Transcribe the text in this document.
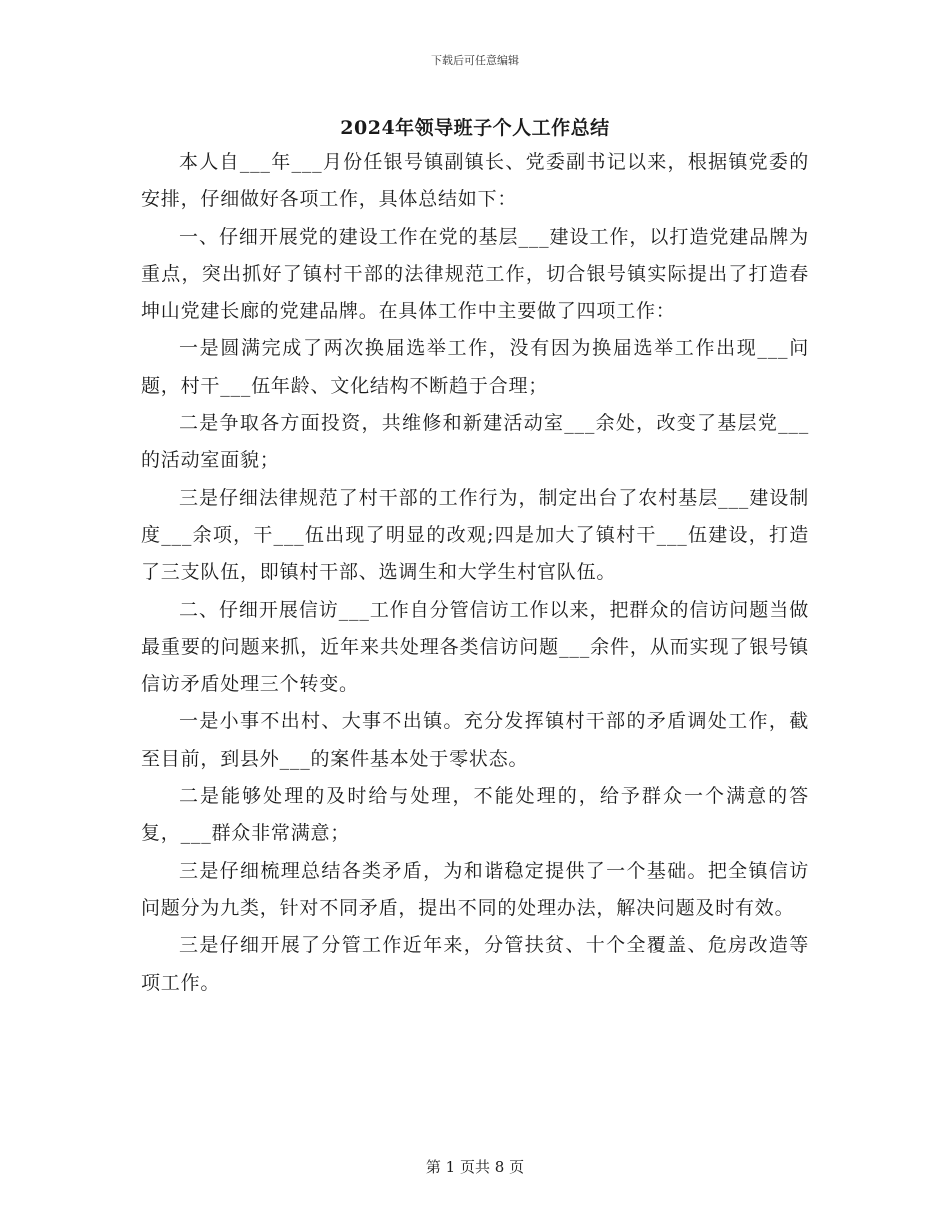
下载后可任意编辑
2024年领导班子个人工作总结

本人自___年___月份任银号镇副镇长、党委副书记以来，根据镇党委的安排，仔细做好各项工作，具体总结如下：

一、仔细开展党的建设工作在党的基层___建设工作，以打造党建品牌为重点，突出抓好了镇村干部的法律规范工作，切合银号镇实际提出了打造春坤山党建长廊的党建品牌。在具体工作中主要做了四项工作：

一是圆满完成了两次换届选举工作，没有因为换届选举工作出现___问题，村干___伍年龄、文化结构不断趋于合理；

二是争取各方面投资，共维修和新建活动室___余处，改变了基层党___的活动室面貌；

三是仔细法律规范了村干部的工作行为，制定出台了农村基层___建设制度___余项，干___伍出现了明显的改观;四是加大了镇村干___伍建设，打造了三支队伍，即镇村干部、选调生和大学生村官队伍。

二、仔细开展信访___工作自分管信访工作以来，把群众的信访问题当做最重要的问题来抓，近年来共处理各类信访问题___余件，从而实现了银号镇信访矛盾处理三个转变。

一是小事不出村、大事不出镇。充分发挥镇村干部的矛盾调处工作，截至目前，到县外___的案件基本处于零状态。

二是能够处理的及时给与处理，不能处理的，给予群众一个满意的答复，___群众非常满意；

三是仔细梳理总结各类矛盾，为和谐稳定提供了一个基础。把全镇信访问题分为九类，针对不同矛盾，提出不同的处理办法，解决问题及时有效。

三是仔细开展了分管工作近年来，分管扶贫、十个全覆盖、危房改造等项工作。

第 1 页共 8 页
